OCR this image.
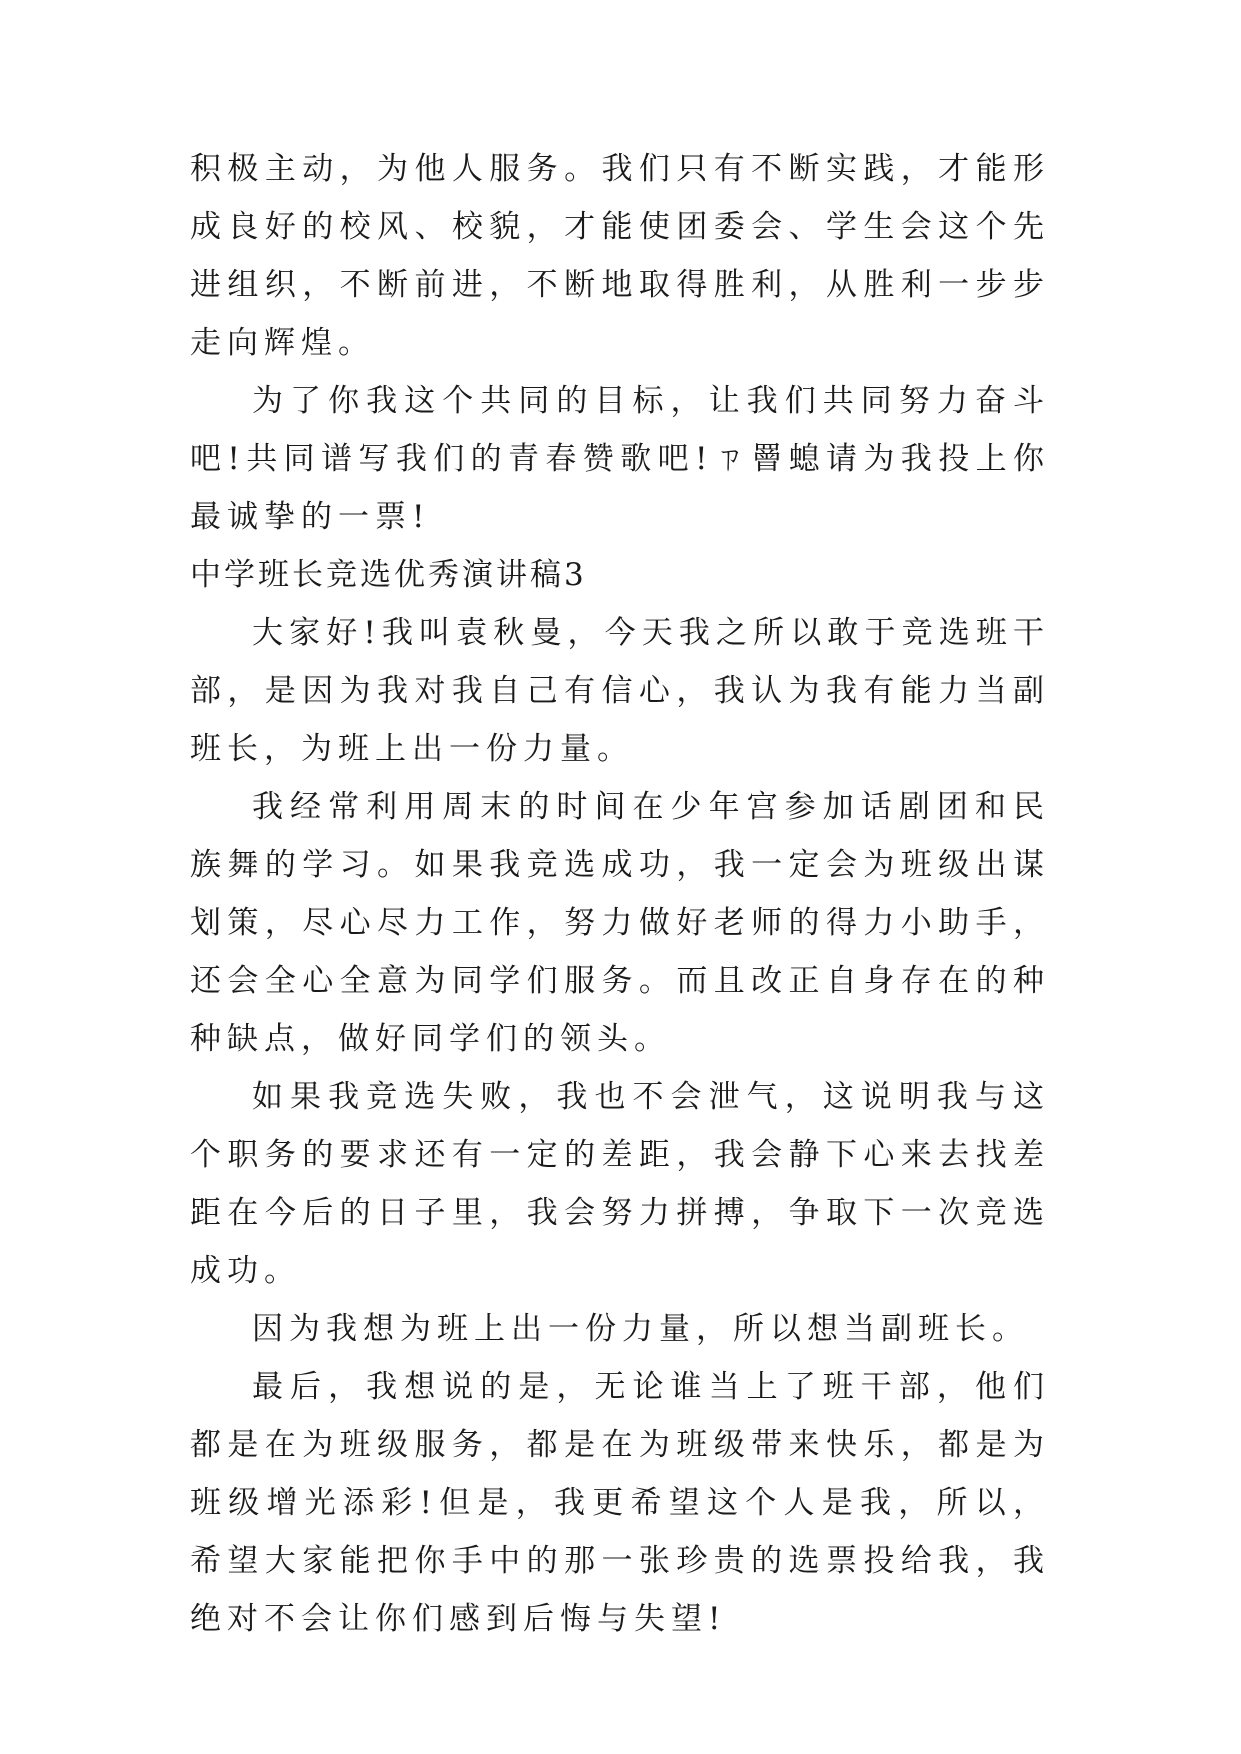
积极主动，为他人服务。我们只有不断实践，才能形成良好的校风、校貌，才能使团委会、学生会这个先进组织，不断前进，不断地取得胜利，从胜利一步步走向辉煌。

为了你我这个共同的目标，让我们共同努力奋斗吧!共同谱写我们的青春赞歌吧!ㄗ罾螅请为我投上你最诚挚的一票!

中学班长竞选优秀演讲稿3

大家好!我叫袁秋曼，今天我之所以敢于竞选班干部，是因为我对我自己有信心，我认为我有能力当副班长，为班上出一份力量。

我经常利用周末的时间在少年宫参加话剧团和民族舞的学习。如果我竞选成功，我一定会为班级出谋划策，尽心尽力工作，努力做好老师的得力小助手，还会全心全意为同学们服务。而且改正自身存在的种种缺点，做好同学们的领头。

如果我竞选失败，我也不会泄气，这说明我与这个职务的要求还有一定的差距，我会静下心来去找差距在今后的日子里，我会努力拼搏，争取下一次竞选成功。

因为我想为班上出一份力量，所以想当副班长。

最后，我想说的是，无论谁当上了班干部，他们都是在为班级服务，都是在为班级带来快乐，都是为班级增光添彩!但是，我更希望这个人是我，所以，希望大家能把你手中的那一张珍贵的选票投给我，我绝对不会让你们感到后悔与失望!
